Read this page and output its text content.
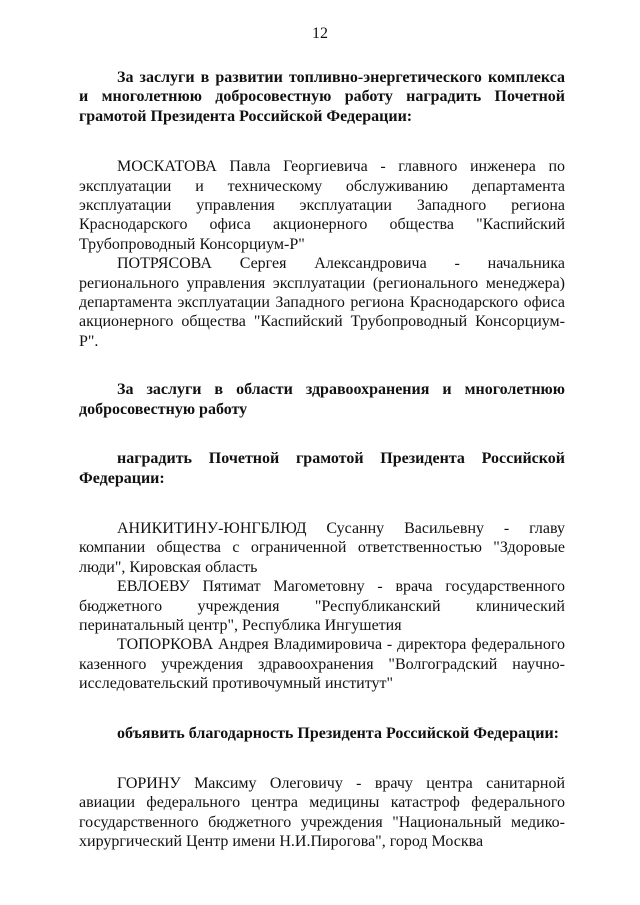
12

За заслуги в развитии топливно-энергетического комплекса и многолетнюю добросовестную работу наградить Почетной грамотой Президента Российской Федерации:

МОСКАТОВА Павла Георгиевича - главного инженера по эксплуатации и техническому обслуживанию департамента эксплуатации управления эксплуатации Западного региона Краснодарского офиса акционерного общества "Каспийский Трубопроводный Консорциум-Р"

ПОТРЯСОВА Сергея Александровича - начальника регионального управления эксплуатации (регионального менеджера) департамента эксплуатации Западного региона Краснодарского офиса акционерного общества "Каспийский Трубопроводный Консорциум-Р".

За заслуги в области здравоохранения и многолетнюю добросовестную работу

наградить Почетной грамотой Президента Российской Федерации:

АНИКИТИНУ-ЮНГБЛЮД Сусанну Васильевну - главу компании общества с ограниченной ответственностью "Здоровые люди", Кировская область

ЕВЛОЕВУ Пятимат Магометовну - врача государственного бюджетного учреждения "Республиканский клинический перинатальный центр", Республика Ингушетия

ТОПОРКОВА Андрея Владимировича - директора федерального казенного учреждения здравоохранения "Волгоградский научно-исследовательский противочумный институт"

объявить благодарность Президента Российской Федерации:

ГОРИНУ Максиму Олеговичу - врачу центра санитарной авиации федерального центра медицины катастроф федерального государственного бюджетного учреждения "Национальный медико-хирургический Центр имени Н.И.Пирогова", город Москва
